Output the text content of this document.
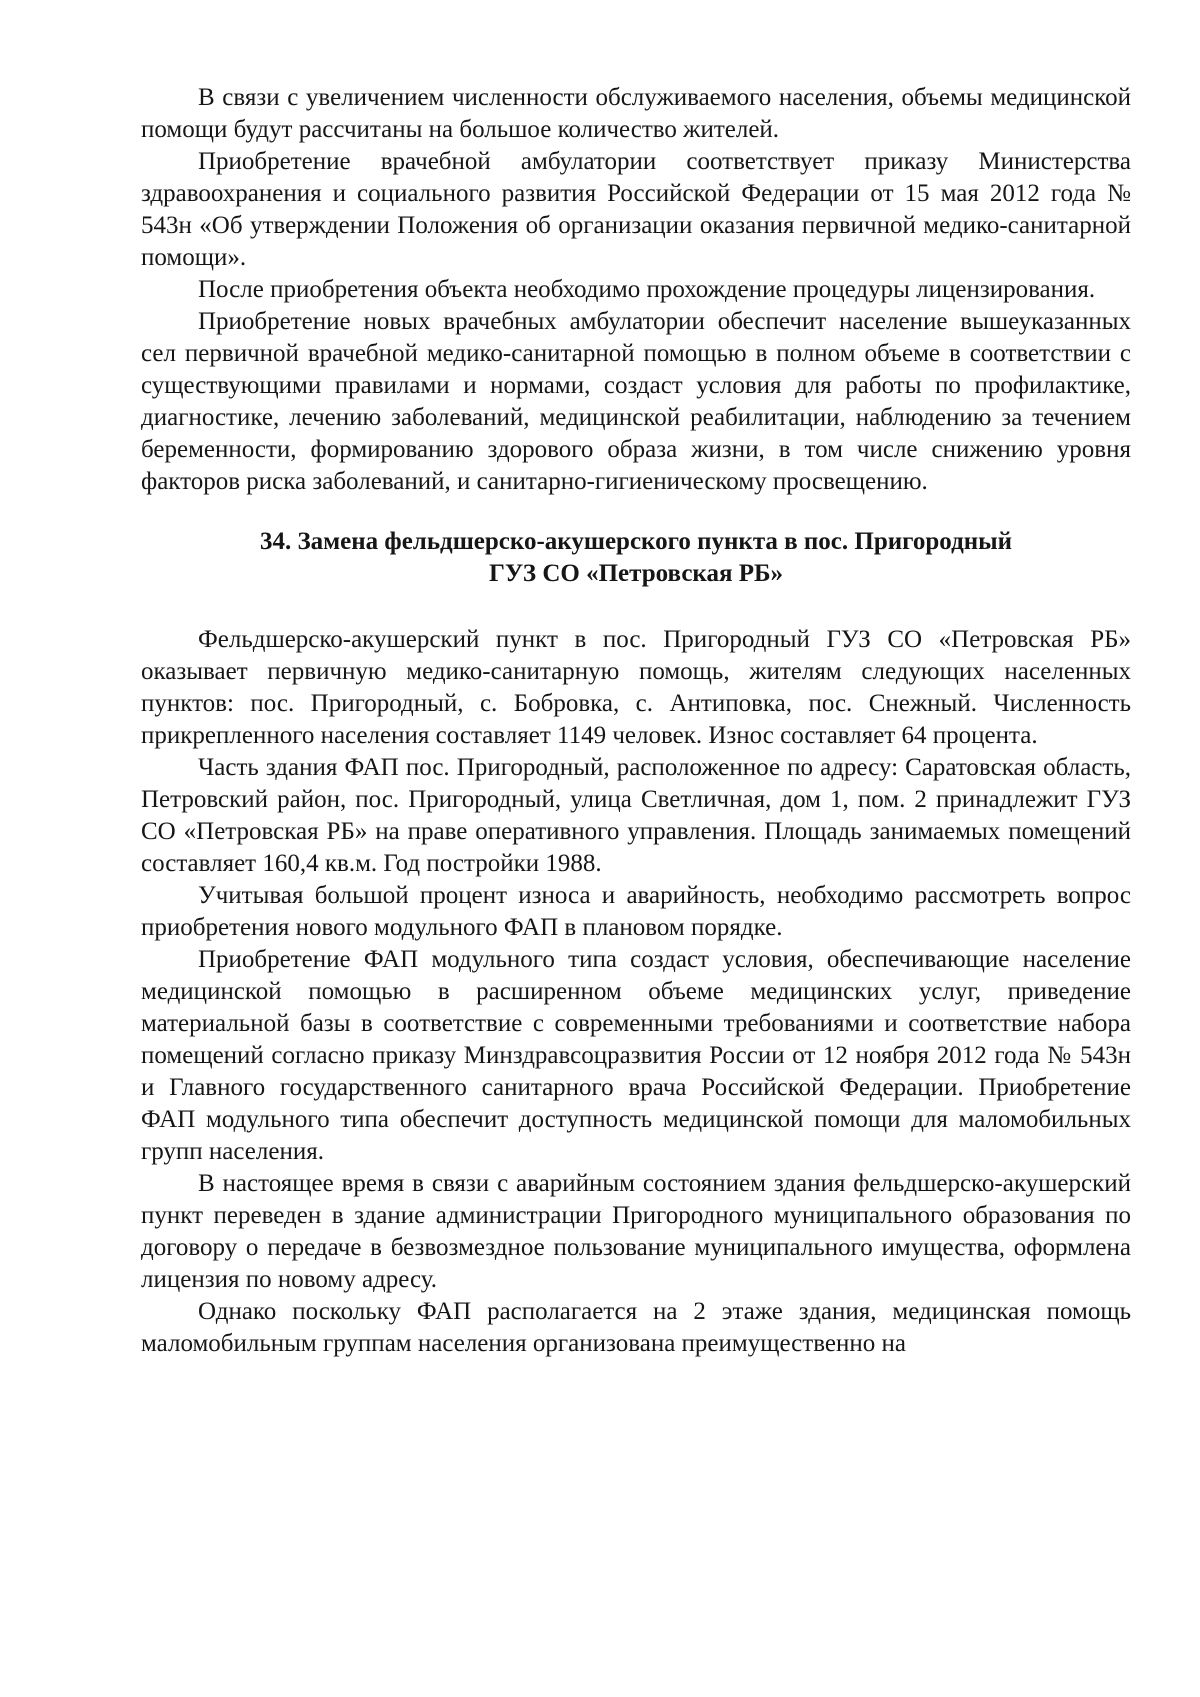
В связи с увеличением численности обслуживаемого населения, объемы медицинской помощи будут рассчитаны на большое количество жителей.

Приобретение врачебной амбулатории соответствует приказу Министерства здравоохранения и социального развития Российской Федерации от 15 мая 2012 года № 543н «Об утверждении Положения об организации оказания первичной медико-санитарной помощи».

После приобретения объекта необходимо прохождение процедуры лицензирования.

Приобретение новых врачебных амбулатории обеспечит население вышеуказанных сел первичной врачебной медико-санитарной помощью в полном объеме в соответствии с существующими правилами и нормами, создаст условия для работы по профилактике, диагностике, лечению заболеваний, медицинской реабилитации, наблюдению за течением беременности, формированию здорового образа жизни, в том числе снижению уровня факторов риска заболеваний, и санитарно-гигиеническому просвещению.

34. Замена фельдшерско-акушерского пункта в пос. Пригородный
ГУЗ СО «Петровская РБ»

Фельдшерско-акушерский пункт в пос. Пригородный ГУЗ СО «Петровская РБ» оказывает первичную медико-санитарную помощь, жителям следующих населенных пунктов: пос. Пригородный, с. Бобровка, с. Антиповка, пос. Снежный. Численность прикрепленного населения составляет 1149 человек. Износ составляет 64 процента.

Часть здания ФАП пос. Пригородный, расположенное по адресу: Саратовская область, Петровский район, пос. Пригородный, улица Светличная, дом 1, пом. 2 принадлежит ГУЗ СО «Петровская РБ» на праве оперативного управления. Площадь занимаемых помещений составляет 160,4 кв.м. Год постройки 1988.

Учитывая большой процент износа и аварийность, необходимо рассмотреть вопрос приобретения нового модульного ФАП в плановом порядке.

Приобретение ФАП модульного типа создаст условия, обеспечивающие население медицинской помощью в расширенном объеме медицинских услуг, приведение материальной базы в соответствие с современными требованиями и соответствие набора помещений согласно приказу Минздравсоцразвития России от 12 ноября 2012 года № 543н и Главного государственного санитарного врача Российской Федерации. Приобретение ФАП модульного типа обеспечит доступность медицинской помощи для маломобильных групп населения.

В настоящее время в связи с аварийным состоянием здания фельдшерско-акушерский пункт переведен в здание администрации Пригородного муниципального образования по договору о передаче в безвозмездное пользование муниципального имущества, оформлена лицензия по новому адресу.

Однако поскольку ФАП располагается на 2 этаже здания, медицинская помощь маломобильным группам населения организована преимущественно на
